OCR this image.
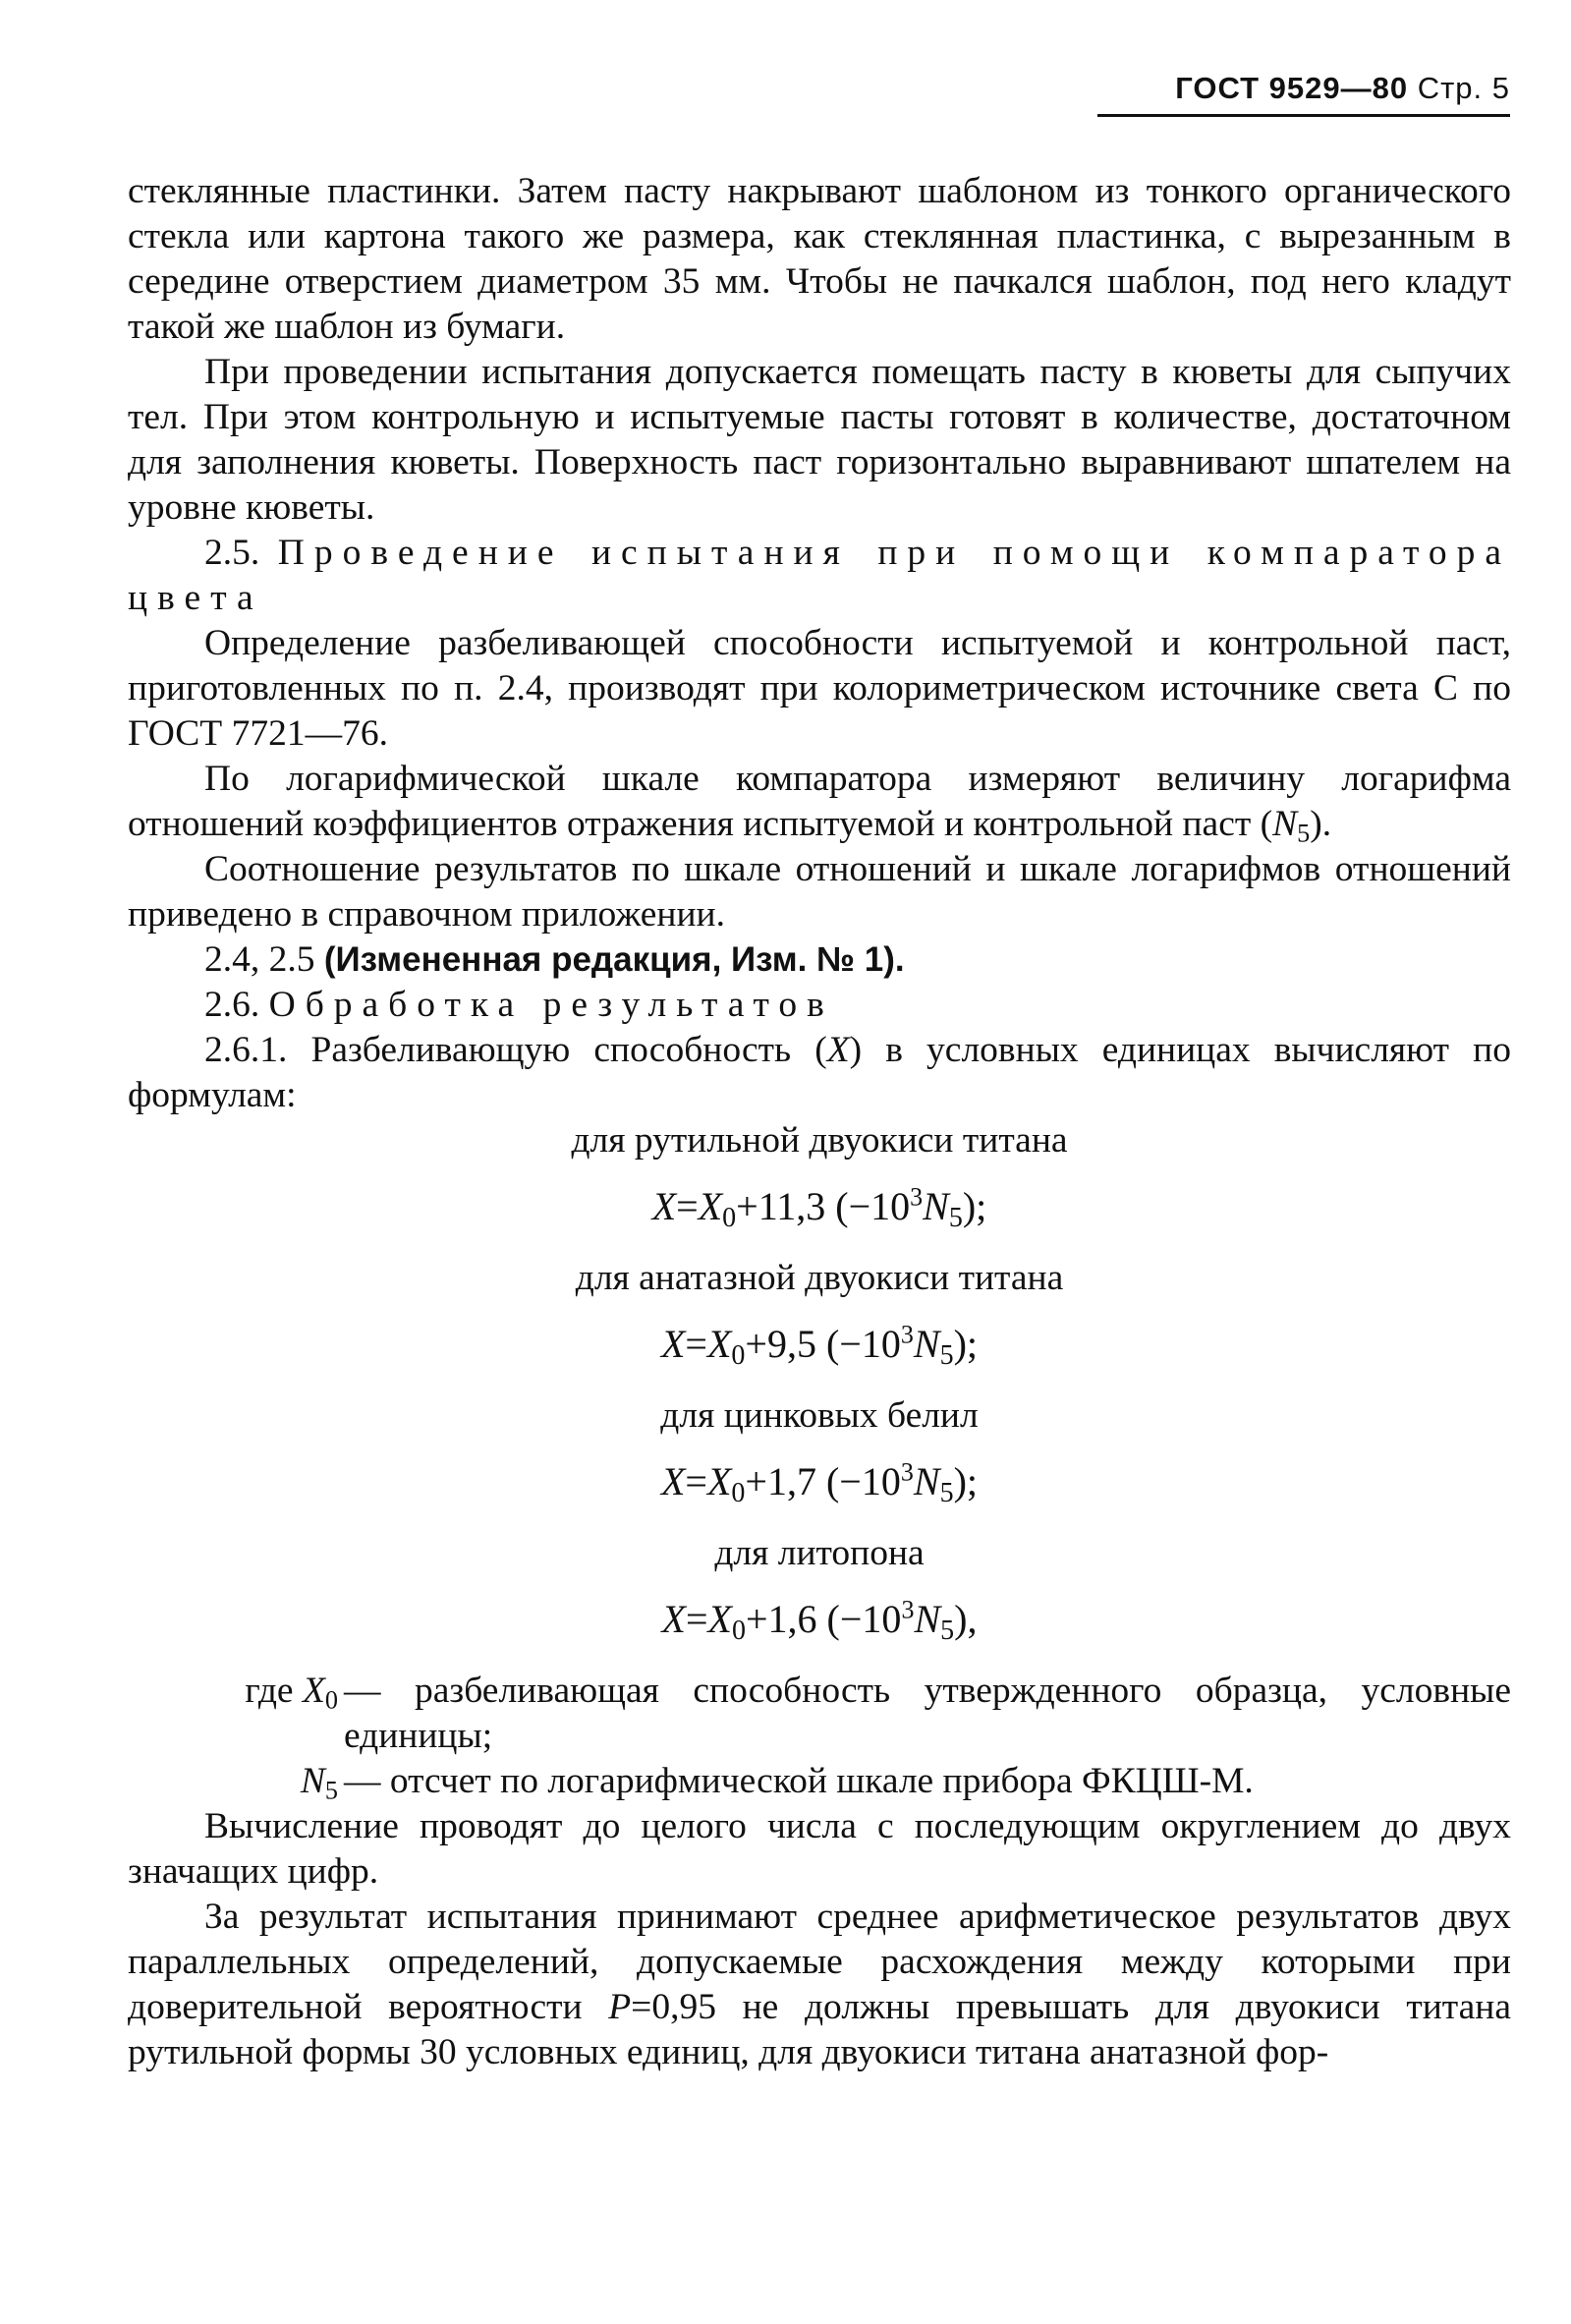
ГОСТ 9529—80 Стр. 5

стеклянные пластинки. Затем пасту накрывают шаблоном из тонкого органического стекла или картона такого же размера, как стеклянная пластинка, с вырезанным в середине отверстием диаметром 35 мм. Чтобы не пачкался шаблон, под него кладут такой же шаблон из бумаги.

При проведении испытания допускается помещать пасту в кюветы для сыпучих тел. При этом контрольную и испытуемые пасты готовят в количестве, достаточном для заполнения кюветы. Поверхность паст горизонтально выравнивают шпателем на уровне кюветы.

2.5. Проведение испытания при помощи компаратора цвета

Определение разбеливающей способности испытуемой и контрольной паст, приготовленных по п. 2.4, производят при колориметрическом источнике света С по ГОСТ 7721—76.

По логарифмической шкале компаратора измеряют величину логарифма отношений коэффициентов отражения испытуемой и контрольной паст $(N_5)$.

Соотношение результатов по шкале отношений и шкале логарифмов отношений приведено в справочном приложении.

2.4, 2.5 (Измененная редакция, Изм. № 1).

2.6. Обработка результатов

2.6.1. Разбеливающую способность (X) в условных единицах вычисляют по формулам:

для рутильной двуокиси титана

$X=X_0+11,3$ $(-10^3N_5)$;

для анатазной двуокиси титана

$X=X_0+9,5$ $(-10^3N_5)$;

для цинковых белил

$X=X_0+1,7$ $(-10^3N_5)$;

для литопона

$X=X_0+1,6$ $(-10^3N_5)$,
где $X_0$ — разбеливающая способность утвержденного образца, условные единицы;
$N_5$ — отсчет по логарифмической шкале прибора ФКЦШ-М.

Вычисление проводят до целого числа с последующим округлением до двух значащих цифр.

За результат испытания принимают среднее арифметическое результатов двух параллельных определений, допускаемые расхождения между которыми при доверительной вероятности P=0,95 не должны превышать для двуокиси титана рутильной формы 30 условных единиц, для двуокиси титана анатазной фор-
